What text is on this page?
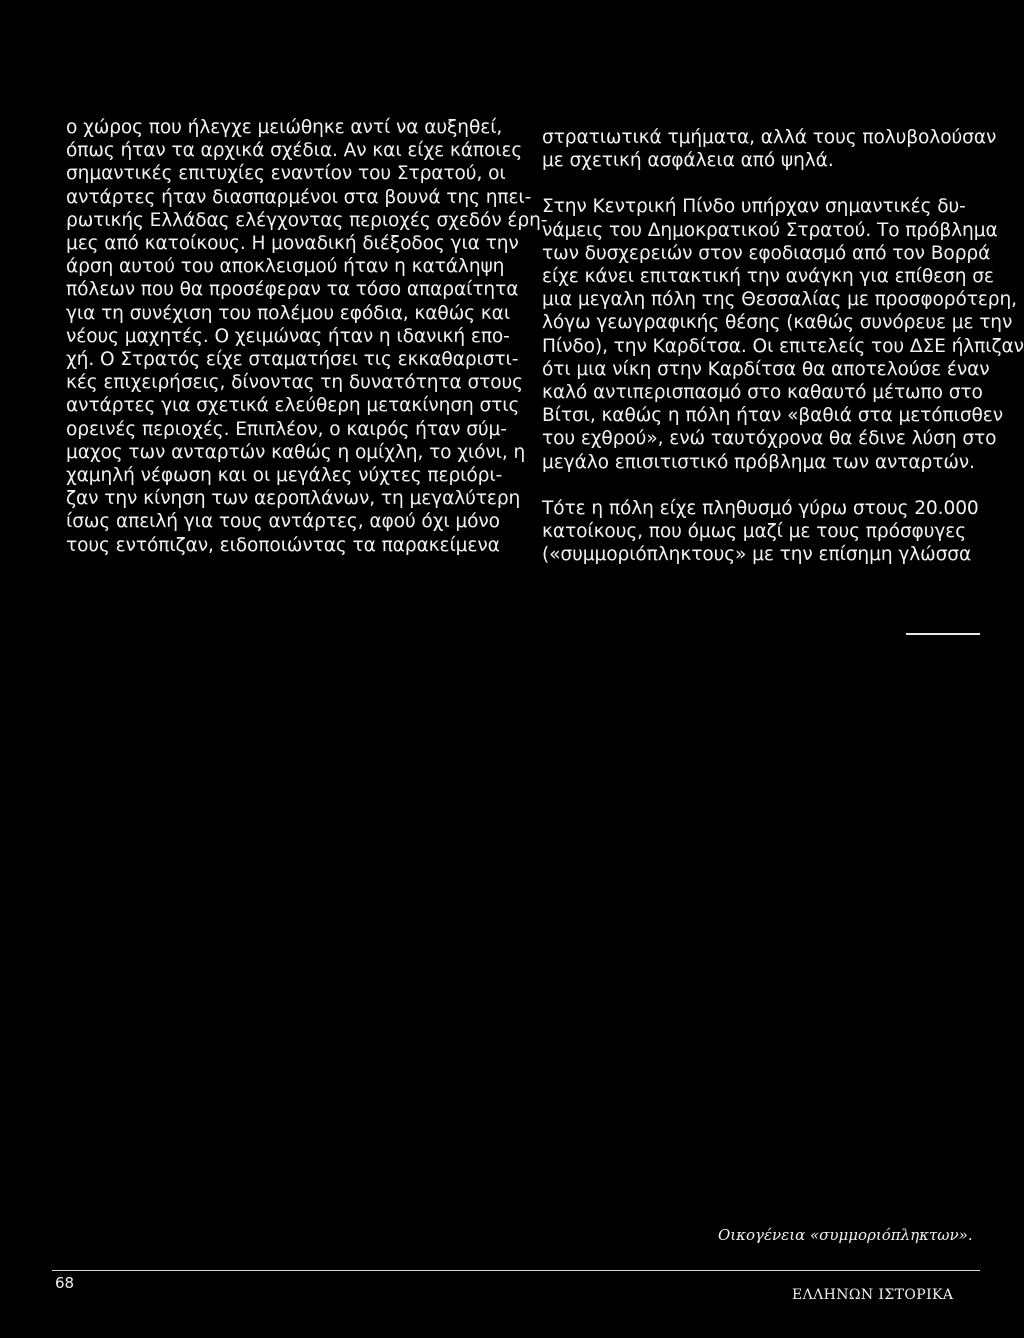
ο χώρος που ήλεγχε μειώθηκε αντί να αυξηθεί,
όπως ήταν τα αρχικά σχέδια. Αν και είχε κάποιες
σημαντικές επιτυχίες εναντίον του Στρατού, οι
αντάρτες ήταν διασπαρμένοι στα βουνά της ηπει-
ρωτικής Ελλάδας ελέγχοντας περιοχές σχεδόν έρη-
μες από κατοίκους. Η μοναδική διέξοδος για την
άρση αυτού του αποκλεισμού ήταν η κατάληψη
πόλεων που θα προσέφεραν τα τόσο απαραίτητα
για τη συνέχιση του πολέμου εφόδια, καθώς και
νέους μαχητές. Ο χειμώνας ήταν η ιδανική επο-
χή. Ο Στρατός είχε σταματήσει τις εκκαθαριστι-
κές επιχειρήσεις, δίνοντας τη δυνατότητα στους
αντάρτες για σχετικά ελεύθερη μετακίνηση στις
ορεινές περιοχές. Επιπλέον, ο καιρός ήταν σύμ-
μαχος των ανταρτών καθώς η ομίχλη, το χιόνι, η
χαμηλή νέφωση και οι μεγάλες νύχτες περιόρι-
ζαν την κίνηση των αεροπλάνων, τη μεγαλύτερη
ίσως απειλή για τους αντάρτες, αφού όχι μόνο
τους εντόπιζαν, ειδοποιώντας τα παρακείμενα
στρατιωτικά τμήματα, αλλά τους πολυβολούσαν
με σχετική ασφάλεια από ψηλά.
Στην Κεντρική Πίνδο υπήρχαν σημαντικές δυ-
νάμεις του Δημοκρατικού Στρατού. Το πρόβλημα
των δυσχερειών στον εφοδιασμό από τον Βορρά
είχε κάνει επιτακτική την ανάγκη για επίθεση σε
μια μεγαλη πόλη της Θεσσαλίας με προσφορότερη,
λόγω γεωγραφικής θέσης (καθώς συνόρευε με την
Πίνδο), την Καρδίτσα. Οι επιτελείς του ΔΣΕ ήλπιζαν
ότι μια νίκη στην Καρδίτσα θα αποτελούσε έναν
καλό αντιπερισπασμό στο καθαυτό μέτωπο στο
Βίτσι, καθώς η πόλη ήταν «βαθιά στα μετόπισθεν
του εχθρού», ενώ ταυτόχρονα θα έδινε λύση στο
μεγάλο επισιτιστικό πρόβλημα των ανταρτών.
Τότε η πόλη είχε πληθυσμό γύρω στους 20.000
κατοίκους, που όμως μαζί με τους πρόσφυγες
(«συμμοριόπληκτους» με την επίσημη γλώσσα
Οικογένεια «συμμοριόπληκτων».
68
ΕΛΛΗΝΩΝ ΙΣΤΟΡΙΚΑ
